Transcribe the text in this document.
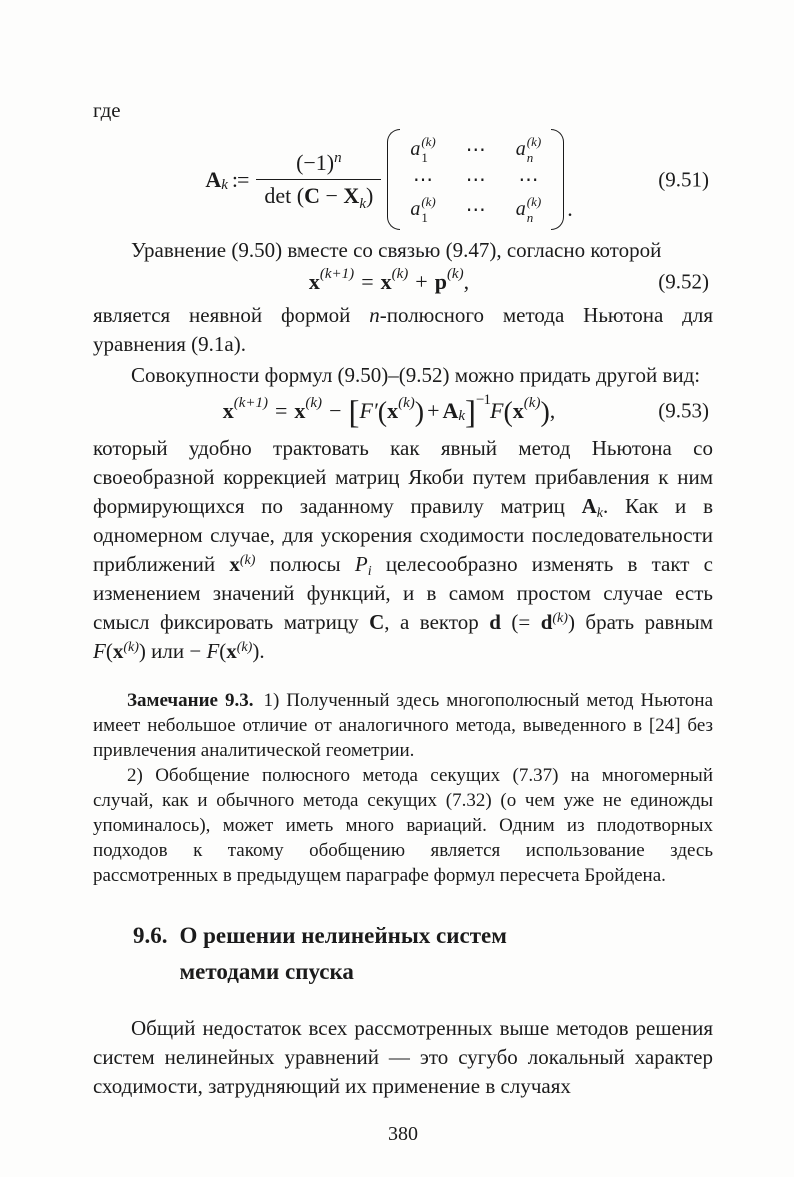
где

A k := $\frac{(-1)^n}{\det (C - X_k)}$
a (k)
1 ⋯ a (k)
n
⋯ ⋯ ⋯
a (k)
1 ⋯ a (k)
n .
(9.51)

Уравнение (9.50) вместе со связью (9.47), согласно которой

x (k+1) = x (k) + p (k) ,	(9.52)

является неявной формой n-полюсного метода Ньютона для уравнения (9.1а).

Совокупности формул (9.50)–(9.52) можно придать другой вид:

x (k+1) = x (k) − [ F′ ( x (k) ) + A k ] −1 F ( x (k) ) ,	(9.53)

который удобно трактовать как явный метод Ньютона со своеобразной коррекцией матриц Якоби путем прибавления к ним формирующихся по заданному правилу матриц Ak. Как и в одномерном случае, для ускорения сходимости последовательности приближений $x^{(k)}$ полюсы Pi целесообразно изменять в такт с изменением значений функций, и в самом простом случае есть смысл фиксировать матрицу C, а вектор d (= $d^{(k)}$) брать равным $F(x^{(k)})$ или − $F(x^{(k)})$.

Замечание 9.3. 1) Полученный здесь многополюсный метод Ньютона имеет небольшое отличие от аналогичного метода, выведенного в [24] без привлечения аналитической геометрии.

2) Обобщение полюсного метода секущих (7.37) на многомерный случай, как и обычного метода секущих (7.32) (о чем уже не единожды упоминалось), может иметь много вариаций. Одним из плодотворных подходов к такому обобщению является использование здесь рассмотренных в предыдущем параграфе формул пересчета Бройдена.

9.6. О решении нелинейных систем
методами спуска

Общий недостаток всех рассмотренных выше методов решения систем нелинейных уравнений — это сугубо локальный характер сходимости, затрудняющий их применение в случаях

380
